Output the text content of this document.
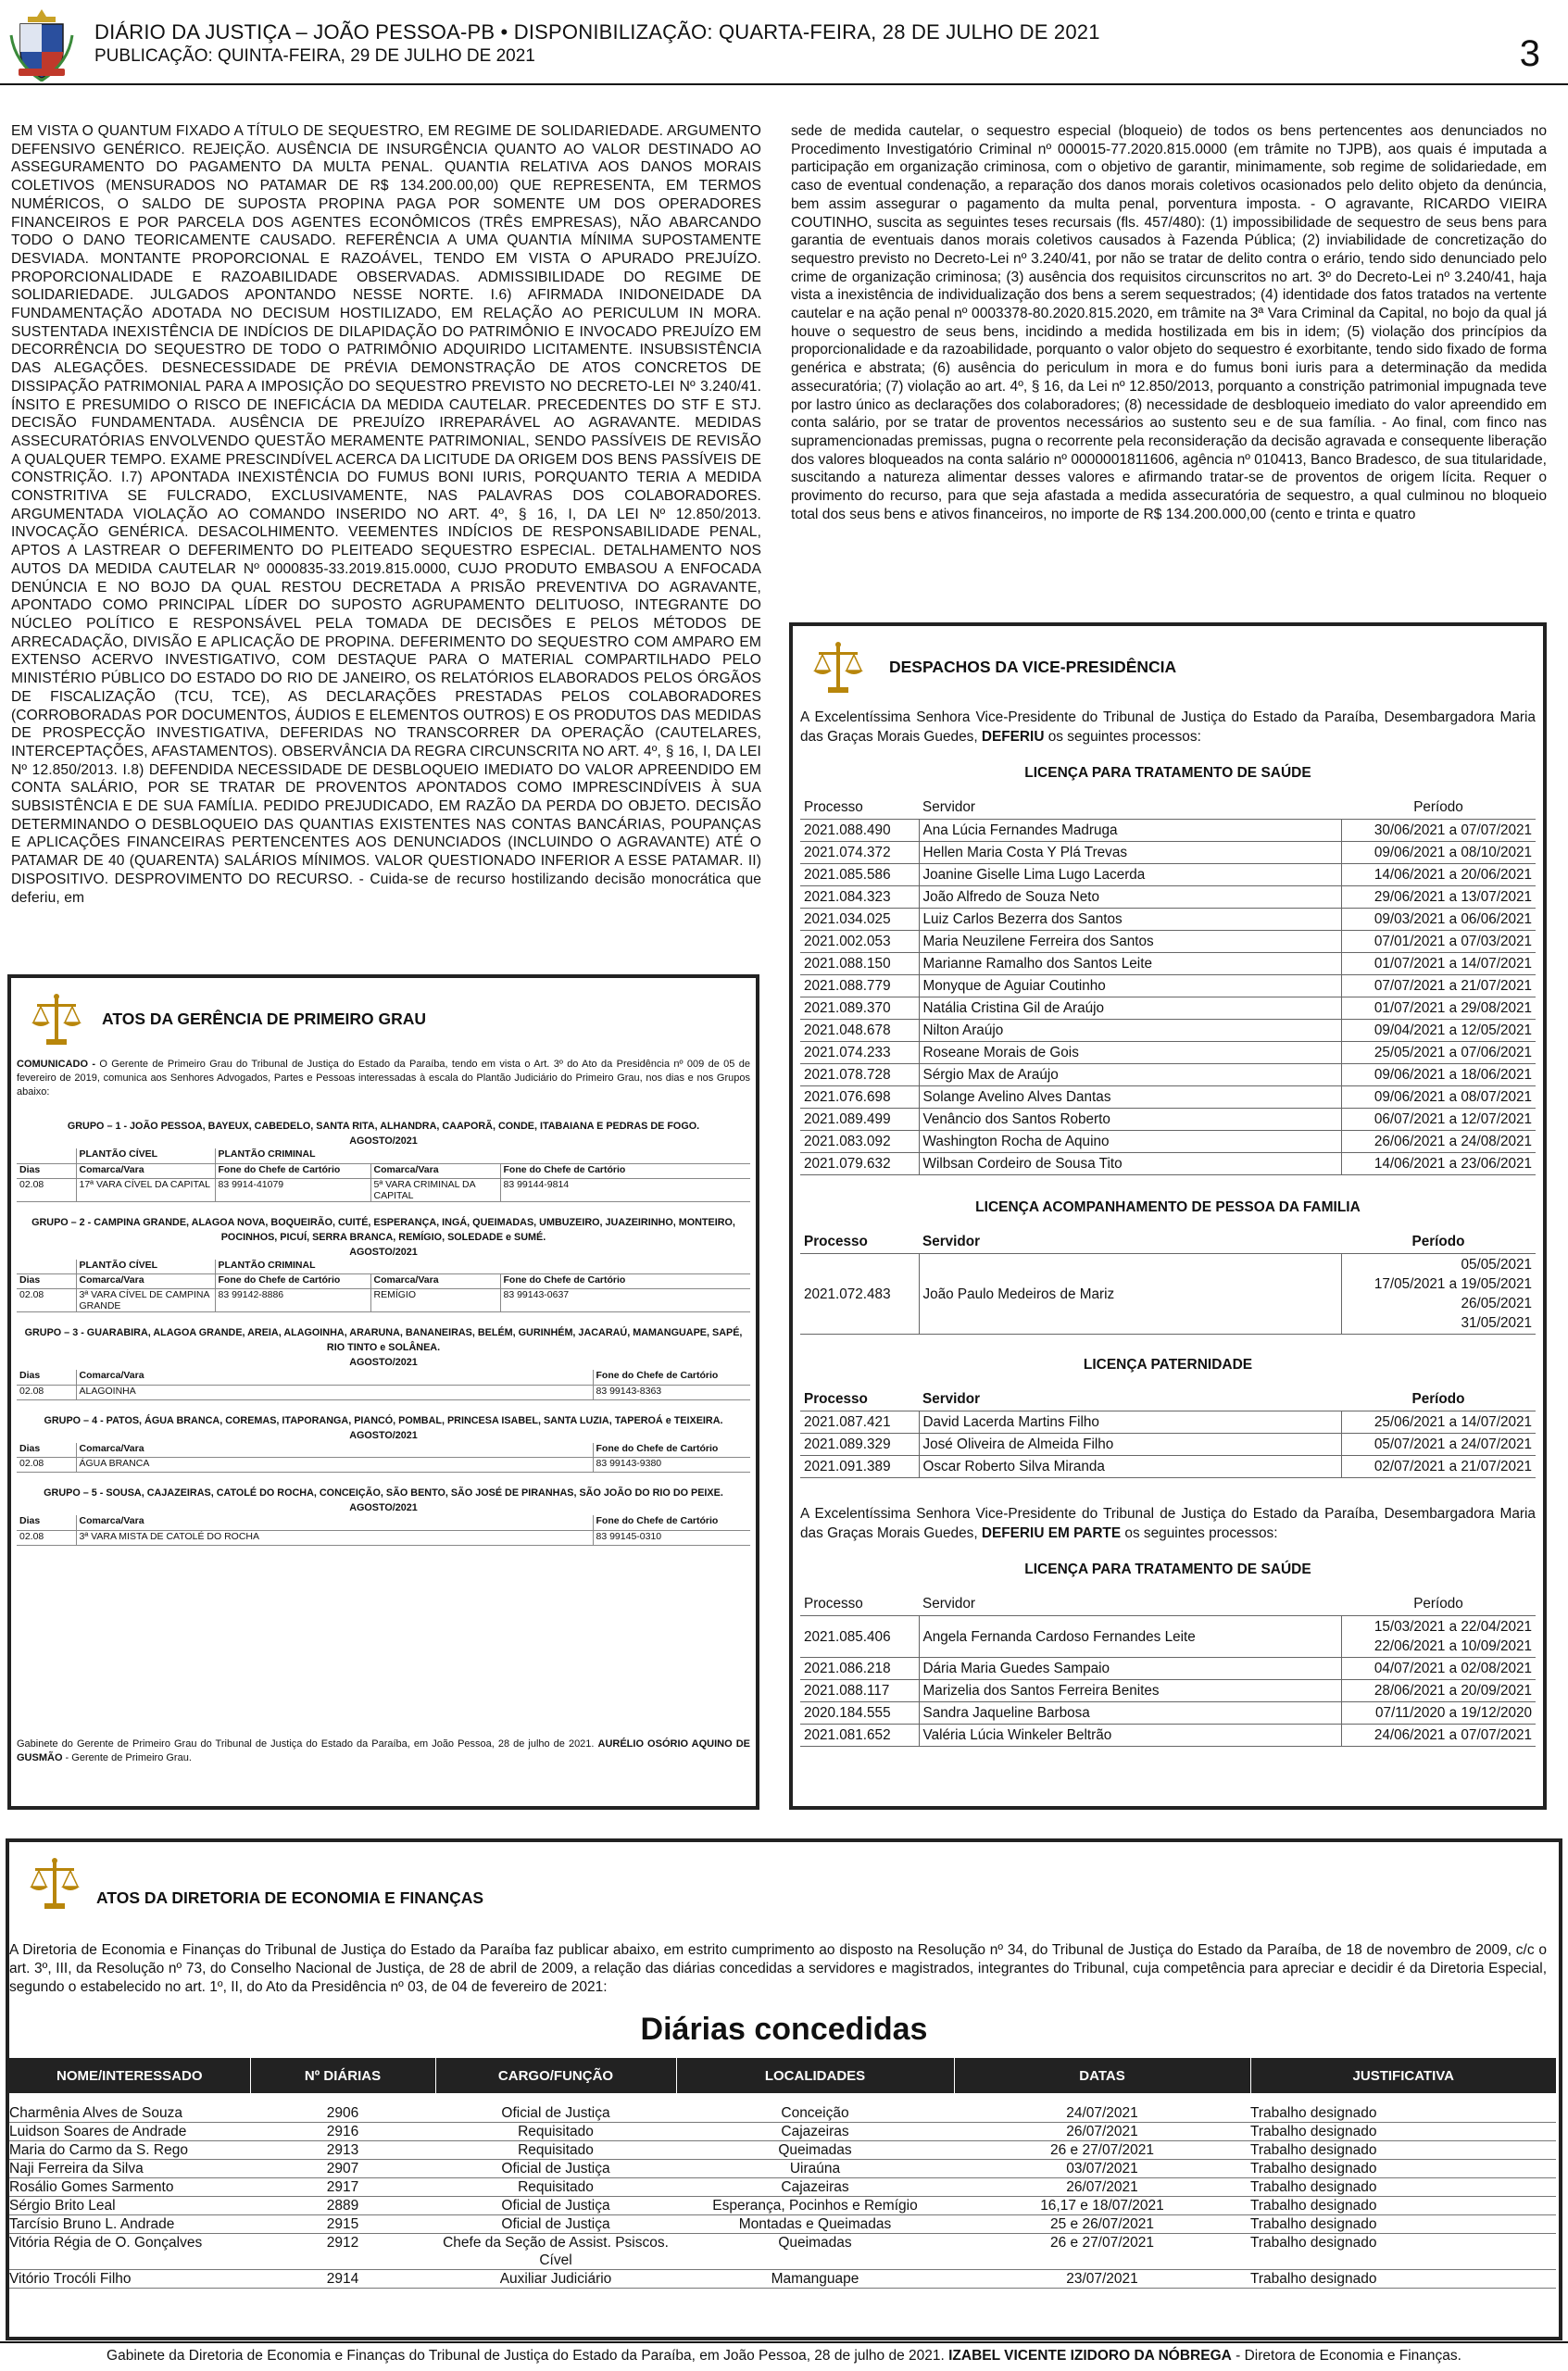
DIÁRIO DA JUSTIÇA – JOÃO PESSOA-PB • DISPONIBILIZAÇÃO: QUARTA-FEIRA, 28 DE JULHO DE 2021
PUBLICAÇÃO: QUINTA-FEIRA, 29 DE JULHO DE 2021	3
EM VISTA O QUANTUM FIXADO A TÍTULO DE SEQUESTRO, EM REGIME DE SOLIDARIEDADE. ARGUMENTO DEFENSIVO GENÉRICO. REJEIÇÃO. AUSÊNCIA DE INSURGÊNCIA QUANTO AO VALOR DESTINADO AO ASSEGURAMENTO DO PAGAMENTO DA MULTA PENAL. QUANTIA RELATIVA AOS DANOS MORAIS COLETIVOS (MENSURADOS NO PATAMAR DE R$ 134.200.00,00) QUE REPRESENTA, EM TERMOS NUMÉRICOS, O SALDO DE SUPOSTA PROPINA PAGA POR SOMENTE UM DOS OPERADORES FINANCEIROS E POR PARCELA DOS AGENTES ECONÔMICOS (TRÊS EMPRESAS), NÃO ABARCANDO TODO O DANO TEORICAMENTE CAUSADO. REFERÊNCIA A UMA QUANTIA MÍNIMA SUPOSTAMENTE DESVIADA. MONTANTE PROPORCIONAL E RAZOÁVEL, TENDO EM VISTA O APURADO PREJUÍZO. PROPORCIONALIDADE E RAZOABILIDADE OBSERVADAS. ADMISSIBILIDADE DO REGIME DE SOLIDARIEDADE. JULGADOS APONTANDO NESSE NORTE. I.6) AFIRMADA INIDONEIDADE DA FUNDAMENTAÇÃO ADOTADA NO DECISUM HOSTILIZADO, EM RELAÇÃO AO PERICULUM IN MORA. SUSTENTADA INEXISTÊNCIA DE INDÍCIOS DE DILAPIDAÇÃO DO PATRIMÔNIO E INVOCADO PREJUÍZO EM DECORRÊNCIA DO SEQUESTRO DE TODO O PATRIMÔNIO ADQUIRIDO LICITAMENTE. INSUBSISTÊNCIA DAS ALEGAÇÕES. DESNECESSIDADE DE PRÉVIA DEMONSTRAÇÃO DE ATOS CONCRETOS DE DISSIPAÇÃO PATRIMONIAL PARA A IMPOSIÇÃO DO SEQUESTRO PREVISTO NO DECRETO-LEI Nº 3.240/41. ÍNSITO E PRESUMIDO O RISCO DE INEFICÁCIA DA MEDIDA CAUTELAR. PRECEDENTES DO STF E STJ. DECISÃO FUNDAMENTADA. AUSÊNCIA DE PREJUÍZO IRREPARÁVEL AO AGRAVANTE. MEDIDAS ASSECURATÓRIAS ENVOLVENDO QUESTÃO MERAMENTE PATRIMONIAL, SENDO PASSÍVEIS DE REVISÃO A QUALQUER TEMPO. EXAME PRESCINDÍVEL ACERCA DA LICITUDE DA ORIGEM DOS BENS PASSÍVEIS DE CONSTRIÇÃO. I.7) APONTADA INEXISTÊNCIA DO FUMUS BONI IURIS, PORQUANTO TERIA A MEDIDA CONSTRITIVA SE FULCRADO, EXCLUSIVAMENTE, NAS PALAVRAS DOS COLABORADORES. ARGUMENTADA VIOLAÇÃO AO COMANDO INSERIDO NO ART. 4º, § 16, I, DA LEI Nº 12.850/2013. INVOCAÇÃO GENÉRICA. DESACOLHIMENTO. VEEMENTES INDÍCIOS DE RESPONSABILIDADE PENAL, APTOS A LASTREAR O DEFERIMENTO DO PLEITEADO SEQUESTRO ESPECIAL. DETALHAMENTO NOS AUTOS DA MEDIDA CAUTELAR Nº 0000835-33.2019.815.0000, CUJO PRODUTO EMBASOU A ENFOCADA DENÚNCIA E NO BOJO DA QUAL RESTOU DECRETADA A PRISÃO PREVENTIVA DO AGRAVANTE, APONTADO COMO PRINCIPAL LÍDER DO SUPOSTO AGRUPAMENTO DELITUOSO, INTEGRANTE DO NÚCLEO POLÍTICO E RESPONSÁVEL PELA TOMADA DE DECISÕES E PELOS MÉTODOS DE ARRECADAÇÃO, DIVISÃO E APLICAÇÃO DE PROPINA. DEFERIMENTO DO SEQUESTRO COM AMPARO EM EXTENSO ACERVO INVESTIGATIVO, COM DESTAQUE PARA O MATERIAL COMPARTILHADO PELO MINISTÉRIO PÚBLICO DO ESTADO DO RIO DE JANEIRO, OS RELATÓRIOS ELABORADOS PELOS ÓRGÃOS DE FISCALIZAÇÃO (TCU, TCE), AS DECLARAÇÕES PRESTADAS PELOS COLABORADORES (CORROBORADAS POR DOCUMENTOS, ÁUDIOS E ELEMENTOS OUTROS) E OS PRODUTOS DAS MEDIDAS DE PROSPECÇÃO INVESTIGATIVA, DEFERIDAS NO TRANSCORRER DA OPERAÇÃO (CAUTELARES, INTERCEPTAÇÕES, AFASTAMENTOS). OBSERVÂNCIA DA REGRA CIRCUNSCRITA NO ART. 4º, § 16, I, DA LEI Nº 12.850/2013. I.8) DEFENDIDA NECESSIDADE DE DESBLOQUEIO IMEDIATO DO VALOR APREENDIDO EM CONTA SALÁRIO, POR SE TRATAR DE PROVENTOS APONTADOS COMO IMPRESCINDÍVEIS À SUA SUBSISTÊNCIA E DE SUA FAMÍLIA. PEDIDO PREJUDICADO, EM RAZÃO DA PERDA DO OBJETO. DECISÃO DETERMINANDO O DESBLOQUEIO DAS QUANTIAS EXISTENTES NAS CONTAS BANCÁRIAS, POUPANÇAS E APLICAÇÕES FINANCEIRAS PERTENCENTES AOS DENUNCIADOS (INCLUINDO O AGRAVANTE) ATÉ O PATAMAR DE 40 (QUARENTA) SALÁRIOS MÍNIMOS. VALOR QUESTIONADO INFERIOR A ESSE PATAMAR. II) DISPOSITIVO. DESPROVIMENTO DO RECURSO. - Cuida-se de recurso hostilizando decisão monocrática que deferiu, em
sede de medida cautelar, o sequestro especial (bloqueio) de todos os bens pertencentes aos denunciados no Procedimento Investigatório Criminal nº 000015-77.2020.815.0000 (em trâmite no TJPB), aos quais é imputada a participação em organização criminosa, com o objetivo de garantir, minimamente, sob regime de solidariedade, em caso de eventual condenação, a reparação dos danos morais coletivos ocasionados pelo delito objeto da denúncia, bem assim assegurar o pagamento da multa penal, porventura imposta. - O agravante, RICARDO VIEIRA COUTINHO, suscita as seguintes teses recursais (fls. 457/480): (1) impossibilidade de sequestro de seus bens para garantia de eventuais danos morais coletivos causados à Fazenda Pública; (2) inviabilidade de concretização do sequestro previsto no Decreto-Lei nº 3.240/41, por não se tratar de delito contra o erário, tendo sido denunciado pelo crime de organização criminosa; (3) ausência dos requisitos circunscritos no art. 3º do Decreto-Lei nº 3.240/41, haja vista a inexistência de individualização dos bens a serem sequestrados; (4) identidade dos fatos tratados na vertente cautelar e na ação penal nº 0003378-80.2020.815.2020, em trâmite na 3ª Vara Criminal da Capital, no bojo da qual já houve o sequestro de seus bens, incidindo a medida hostilizada em bis in idem; (5) violação dos princípios da proporcionalidade e da razoabilidade, porquanto o valor objeto do sequestro é exorbitante, tendo sido fixado de forma genérica e abstrata; (6) ausência do periculum in mora e do fumus boni iuris para a determinação da medida assecuratória; (7) violação ao art. 4º, § 16, da Lei nº 12.850/2013, porquanto a constrição patrimonial impugnada teve por lastro único as declarações dos colaboradores; (8) necessidade de desbloqueio imediato do valor apreendido em conta salário, por se tratar de proventos necessários ao sustento seu e de sua família. - Ao final, com finco nas supramencionadas premissas, pugna o recorrente pela reconsideração da decisão agravada e consequente liberação dos valores bloqueados na conta salário nº 0000001811606, agência nº 010413, Banco Bradesco, de sua titularidade, suscitando a natureza alimentar desses valores e afirmando tratar-se de proventos de origem lícita. Requer o provimento do recurso, para que seja afastada a medida assecuratória de sequestro, a qual culminou no bloqueio total dos seus bens e ativos financeiros, no importe de R$ 134.200.000,00 (cento e trinta e quatro
ATOS DA GERÊNCIA DE PRIMEIRO GRAU
COMUNICADO - O Gerente de Primeiro Grau do Tribunal de Justiça do Estado da Paraíba, tendo em vista o Art. 3º do Ato da Presidência nº 009 de 05 de fevereiro de 2019, comunica aos Senhores Advogados, Partes e Pessoas interessadas à escala do Plantão Judiciário do Primeiro Grau, nos dias e nos Grupos abaixo:
GRUPO – 1 - JOÃO PESSOA, BAYEUX, CABEDELO, SANTA RITA, ALHANDRA, CAAPORÃ, CONDE, ITABAIANA E PEDRAS DE FOGO.
AGOSTO/2021
	PLANTÃO CÍVEL	PLANTÃO CRIMINAL		
Dias	Comarca/Vara	Fone do Chefe de Cartório	Comarca/Vara	Fone do Chefe de Cartório
02.08	17ª VARA CÍVEL DA CAPITAL	83 9914-41079	5ª VARA CRIMINAL DA CAPITAL	83 99144-9814
GRUPO – 2 - CAMPINA GRANDE, ALAGOA NOVA, BOQUEIRÃO, CUITÉ, ESPERANÇA, INGÁ, QUEIMADAS, UMBUZEIRO, JUAZEIRINHO, MONTEIRO, POCINHOS, PICUÍ, SERRA BRANCA, REMÍGIO, SOLEDADE e SUMÉ.
AGOSTO/2021
	PLANTÃO CÍVEL	PLANTÃO CRIMINAL		
Dias	Comarca/Vara	Fone do Chefe de Cartório	Comarca/Vara	Fone do Chefe de Cartório
02.08	3ª VARA CÍVEL DE CAMPINA GRANDE	83 99142-8886	REMÍGIO	83 99143-0637
GRUPO – 3 - GUARABIRA, ALAGOA GRANDE, AREIA, ALAGOINHA, ARARUNA, BANANEIRAS, BELÉM, GURINHÉM, JACARAÚ, MAMANGUAPE, SAPÉ, RIO TINTO e SOLÂNEA.
AGOSTO/2021
Dias	Comarca/Vara	Fone do Chefe de Cartório
02.08	ALAGOINHA	83 99143-8363
GRUPO – 4 - PATOS, ÁGUA BRANCA, COREMAS, ITAPORANGA, PIANCÓ, POMBAL, PRINCESA ISABEL, SANTA LUZIA, TAPEROÁ e TEIXEIRA.
AGOSTO/2021
Dias	Comarca/Vara	Fone do Chefe de Cartório
02.08	ÁGUA BRANCA	83 99143-9380
GRUPO – 5 - SOUSA, CAJAZEIRAS, CATOLÉ DO ROCHA, CONCEIÇÃO, SÃO BENTO, SÃO JOSÉ DE PIRANHAS, SÃO JOÃO DO RIO DO PEIXE.
AGOSTO/2021
Dias	Comarca/Vara	Fone do Chefe de Cartório
02.08	3ª VARA MISTA DE CATOLÉ DO ROCHA	83 99145-0310
Gabinete do Gerente de Primeiro Grau do Tribunal de Justiça do Estado da Paraíba, em João Pessoa, 28 de julho de 2021. AURÉLIO OSÓRIO AQUINO DE GUSMÃO - Gerente de Primeiro Grau.
DESPACHOS DA VICE-PRESIDÊNCIA
A Excelentíssima Senhora Vice-Presidente do Tribunal de Justiça do Estado da Paraíba, Desembargadora Maria das Graças Morais Guedes, DEFERIU os seguintes processos:
LICENÇA PARA TRATAMENTO DE SAÚDE
Processo	Servidor	Período
2021.088.490	Ana Lúcia Fernandes Madruga	30/06/2021 a 07/07/2021
2021.074.372	Hellen Maria Costa Y Plá Trevas	09/06/2021 a 08/10/2021
2021.085.586	Joanine Giselle Lima Lugo Lacerda	14/06/2021 a 20/06/2021
2021.084.323	João Alfredo de Souza Neto	29/06/2021 a 13/07/2021
2021.034.025	Luiz Carlos Bezerra dos Santos	09/03/2021 a 06/06/2021
2021.002.053	Maria Neuzilene Ferreira dos Santos	07/01/2021 a 07/03/2021
2021.088.150	Marianne Ramalho dos Santos Leite	01/07/2021 a 14/07/2021
2021.088.779	Monyque de Aguiar Coutinho	07/07/2021 a 21/07/2021
2021.089.370	Natália Cristina Gil de Araújo	01/07/2021 a 29/08/2021
2021.048.678	Nilton Araújo	09/04/2021 a 12/05/2021
2021.074.233	Roseane Morais de Gois	25/05/2021 a 07/06/2021
2021.078.728	Sérgio Max de Araújo	09/06/2021 a 18/06/2021
2021.076.698	Solange Avelino Alves Dantas	09/06/2021 a 08/07/2021
2021.089.499	Venâncio dos Santos Roberto	06/07/2021 a 12/07/2021
2021.083.092	Washington Rocha de Aquino	26/06/2021 a 24/08/2021
2021.079.632	Wilbsan Cordeiro de Sousa Tito	14/06/2021 a 23/06/2021
LICENÇA ACOMPANHAMENTO DE PESSOA DA FAMILIA
Processo	Servidor	Período
2021.072.483	João Paulo Medeiros de Mariz	05/05/2021
17/05/2021 a 19/05/2021
26/05/2021
31/05/2021
LICENÇA PATERNIDADE
Processo	Servidor	Período
2021.087.421	David Lacerda Martins Filho	25/06/2021 a 14/07/2021
2021.089.329	José Oliveira de Almeida Filho	05/07/2021 a 24/07/2021
2021.091.389	Oscar Roberto Silva Miranda	02/07/2021 a 21/07/2021
A Excelentíssima Senhora Vice-Presidente do Tribunal de Justiça do Estado da Paraíba, Desembargadora Maria das Graças Morais Guedes, DEFERIU EM PARTE os seguintes processos:
LICENÇA PARA TRATAMENTO DE SAÚDE
Processo	Servidor	Período
2021.085.406	Angela Fernanda Cardoso Fernandes Leite	15/03/2021 a 22/04/2021
22/06/2021 a 10/09/2021

2021.086.218	Dária Maria Guedes Sampaio	04/07/2021 a 02/08/2021
2021.088.117	Marizelia dos Santos Ferreira Benites	28/06/2021 a 20/09/2021
2020.184.555	Sandra Jaqueline Barbosa	07/11/2020 a 19/12/2020
2021.081.652	Valéria Lúcia Winkeler Beltrão	24/06/2021 a 07/07/2021
ATOS DA DIRETORIA DE ECONOMIA E FINANÇAS
A Diretoria de Economia e Finanças do Tribunal de Justiça do Estado da Paraíba faz publicar abaixo, em estrito cumprimento ao disposto na Resolução nº 34, do Tribunal de Justiça do Estado da Paraíba, de 18 de novembro de 2009, c/c o art. 3º, III, da Resolução nº 73, do Conselho Nacional de Justiça, de 28 de abril de 2009, a relação das diárias concedidas a servidores e magistrados, integrantes do Tribunal, cuja competência para apreciar e decidir é da Diretoria Especial, segundo o estabelecido no art. 1º, II, do Ato da Presidência nº 03, de 04 de fevereiro de 2021:
Diárias concedidas
NOME/INTERESSADO	Nº DIÁRIAS	CARGO/FUNÇÃO	LOCALIDADES	DATAS	JUSTIFICATIVA

Charmênia Alves de Souza	2906	Oficial de Justiça	Conceição	24/07/2021	Trabalho designado
Luidson Soares de Andrade	2916	Requisitado	Cajazeiras	26/07/2021	Trabalho designado
Maria do Carmo da S. Rego	2913	Requisitado	Queimadas	26 e 27/07/2021	Trabalho designado
Naji Ferreira da Silva	2907	Oficial de Justiça	Uiraúna	03/07/2021	Trabalho designado
Rosálio Gomes Sarmento	2917	Requisitado	Cajazeiras	26/07/2021	Trabalho designado
Sérgio Brito Leal	2889	Oficial de Justiça	Esperança, Pocinhos e Remígio	16,17 e 18/07/2021	Trabalho designado
Tarcísio Bruno L. Andrade	2915	Oficial de Justiça	Montadas e Queimadas	25 e 26/07/2021	Trabalho designado
Vitória Régia de O. Gonçalves	2912	Chefe da Seção de Assist. Psiscos. Cível	Queimadas	26 e 27/07/2021	Trabalho designado
Vitório Trocóli Filho	2914	Auxiliar Judiciário	Mamanguape	23/07/2021	Trabalho designado
Gabinete da Diretoria de Economia e Finanças do Tribunal de Justiça do Estado da Paraíba, em João Pessoa, 28 de julho de 2021. IZABEL VICENTE IZIDORO DA NÓBREGA - Diretora de Economia e Finanças.
